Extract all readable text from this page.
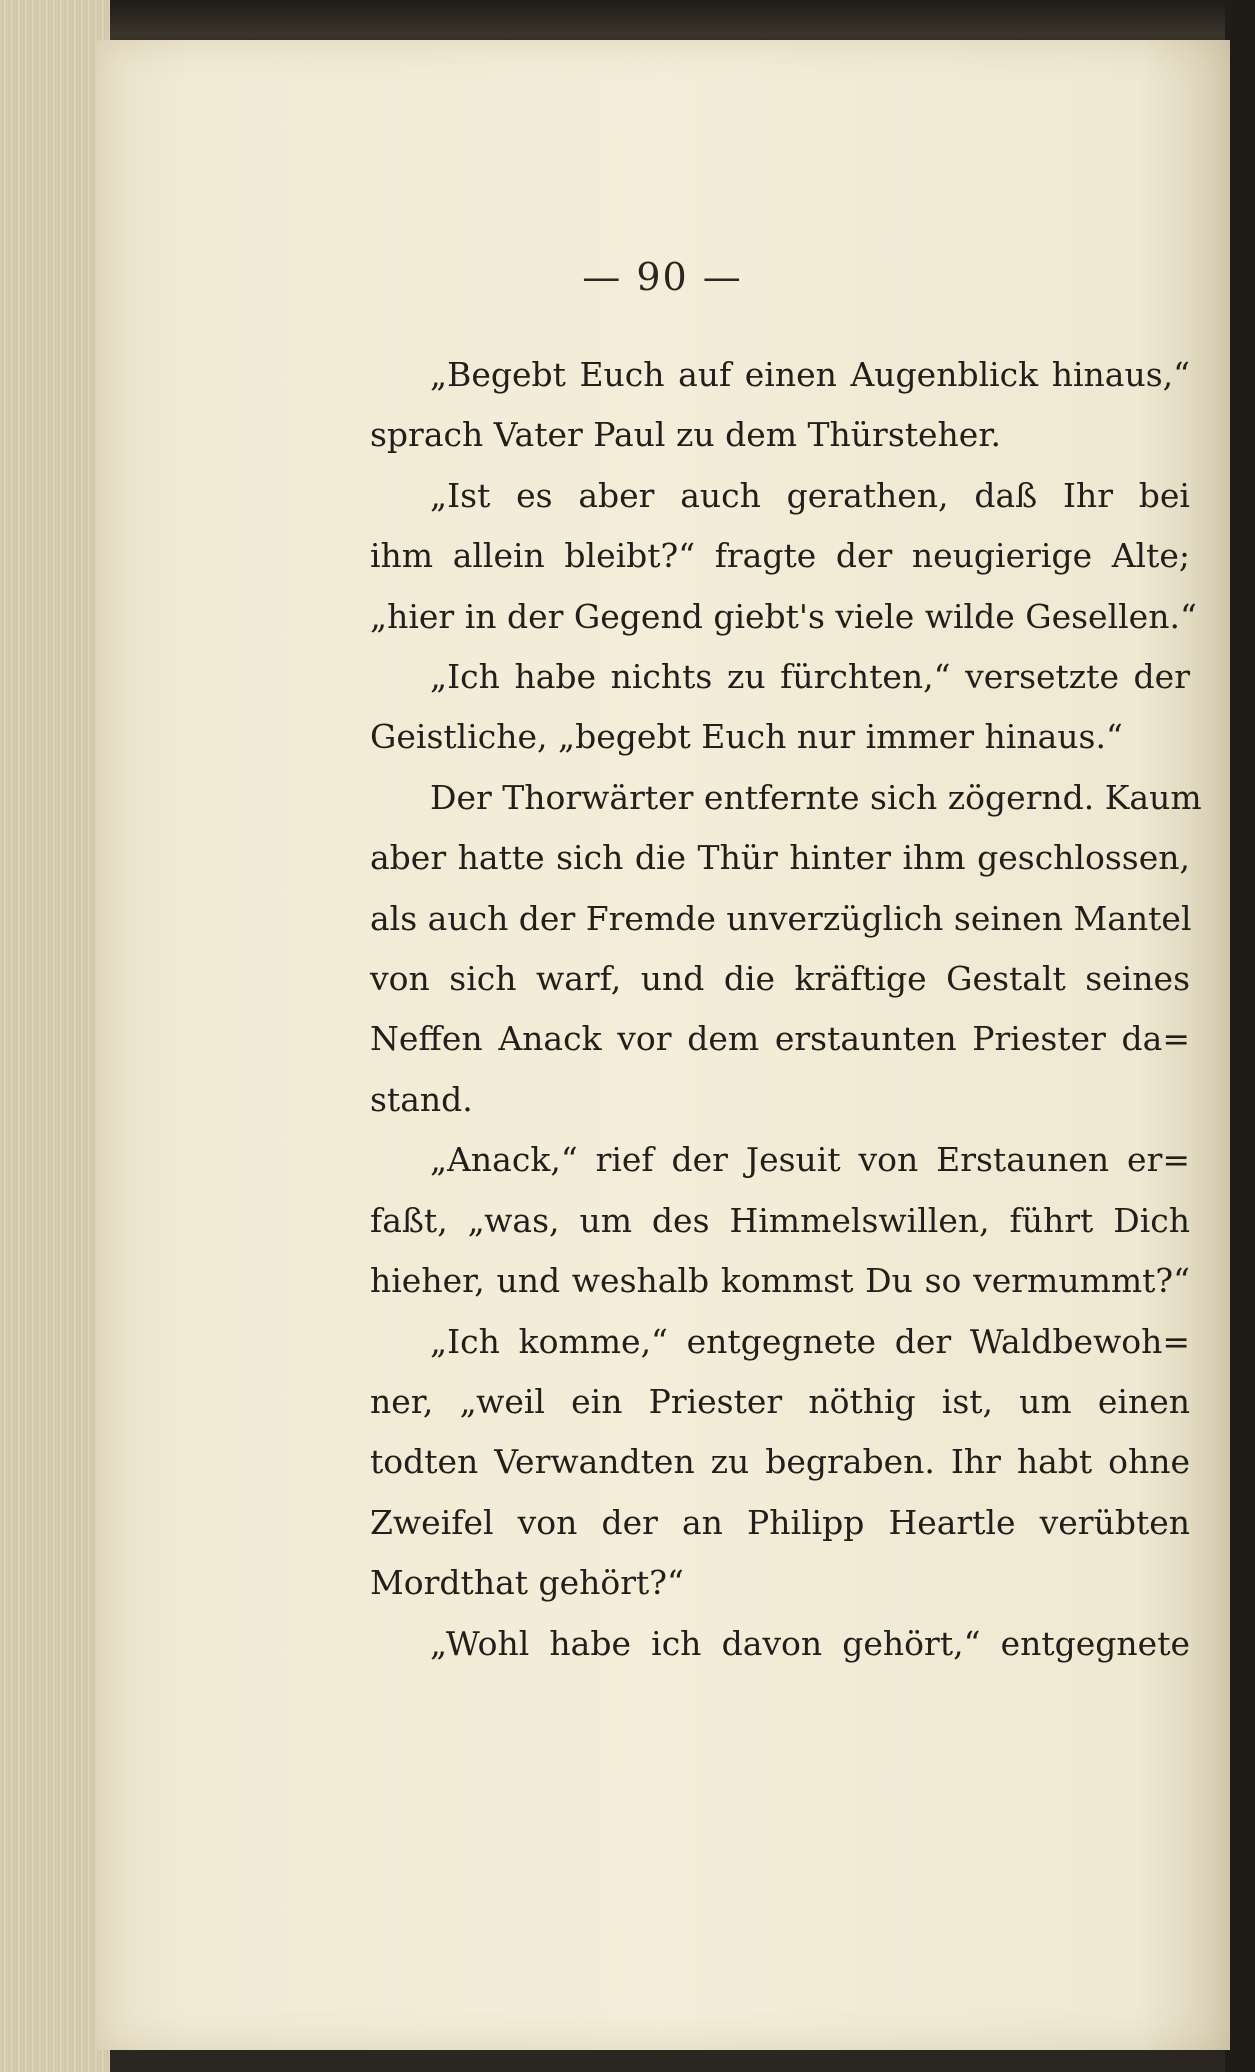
— 90 —
„Begebt Euch auf einen Augenblick hinaus,“
sprach Vater Paul zu dem Thürsteher.
„Ist es aber auch gerathen, daß Ihr bei
ihm allein bleibt?“ fragte der neugierige Alte;
„hier in der Gegend giebt's viele wilde Gesellen.“
„Ich habe nichts zu fürchten,“ versetzte der
Geistliche, „begebt Euch nur immer hinaus.“
Der Thorwärter entfernte sich zögernd. Kaum
aber hatte sich die Thür hinter ihm geschlossen,
als auch der Fremde unverzüglich seinen Mantel
von sich warf, und die kräftige Gestalt seines
Neffen Anack vor dem erstaunten Priester da=
stand.
„Anack,“ rief der Jesuit von Erstaunen er=
faßt, „was, um des Himmelswillen, führt Dich
hieher, und weshalb kommst Du so vermummt?“
„Ich komme,“ entgegnete der Waldbewoh=
ner, „weil ein Priester nöthig ist, um einen
todten Verwandten zu begraben. Ihr habt ohne
Zweifel von der an Philipp Heartle verübten
Mordthat gehört?“
„Wohl habe ich davon gehört,“ entgegnete
